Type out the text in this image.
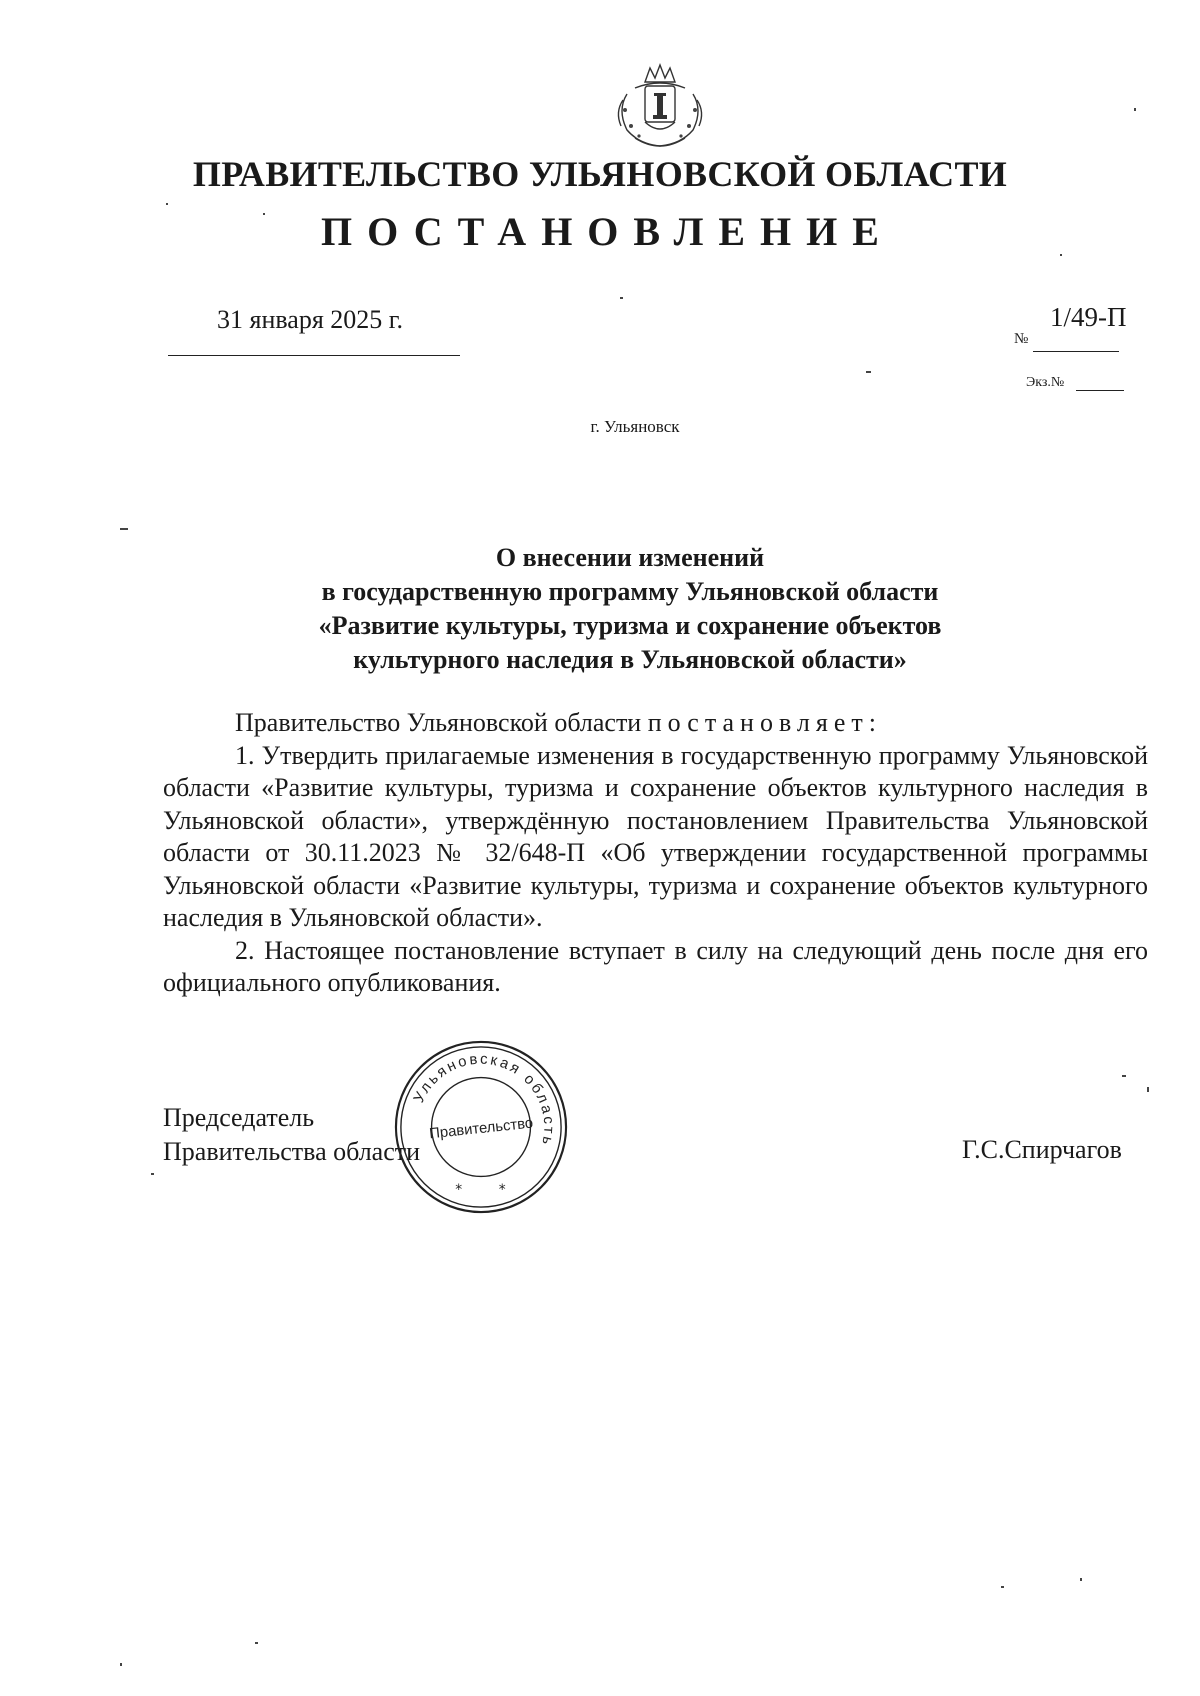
ПРАВИТЕЛЬСТВО УЛЬЯНОВСКОЙ ОБЛАСТИ
ПОСТАНОВЛЕНИЕ
31 января 2025 г.
№
1/49-П
Экз.№
г. Ульяновск
О внесении изменений
в государственную программу Ульяновской области
«Развитие культуры, туризма и сохранение объектов
культурного наследия в Ульяновской области»

Правительство Ульяновской области постановляет:

1. Утвердить прилагаемые изменения в государственную программу Ульяновской области «Развитие культуры, туризма и сохранение объектов культурного наследия в Ульяновской области», утверждённую постановлением Правительства Ульяновской области от 30.11.2023 № 32/648-П «Об утверждении государственной программы Ульяновской области «Развитие культуры, туризма и сохранение объектов культурного наследия в Ульяновской области».

2. Настоящее постановление вступает в силу на следующий день после дня его официального опубликования.

Председатель
Правительства области	Г.С.Спирчагов
Ульяновская область
Правительство
*	*
